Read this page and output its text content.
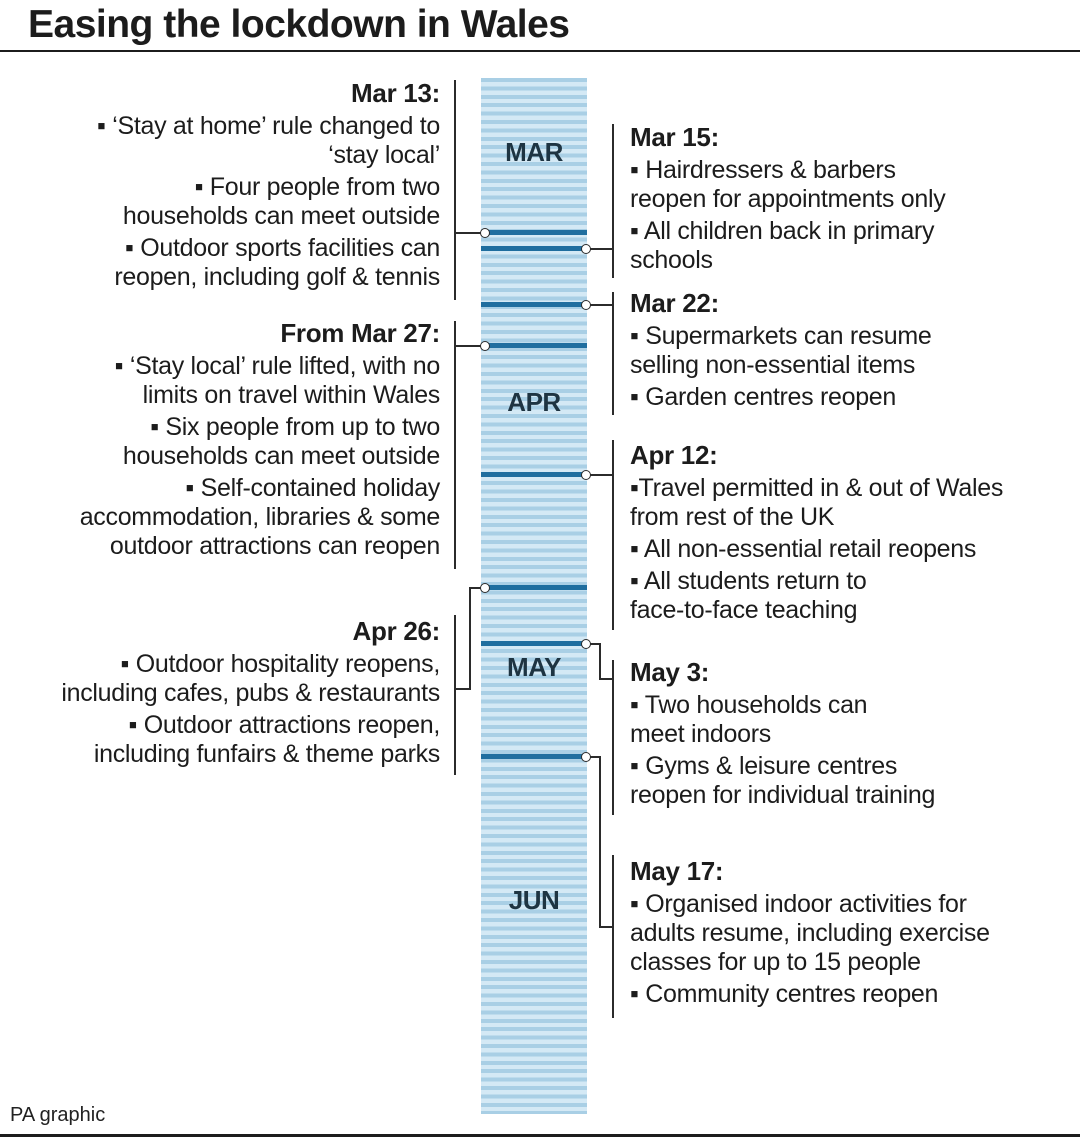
Easing the lockdown in Wales
MAR
APR
MAY
JUN
Mar 13:
▪ ‘Stay at home’ rule changed to
‘stay local’
▪ Four people from two
households can meet outside
▪ Outdoor sports facilities can
reopen, including golf & tennis
From Mar 27:
▪ ‘Stay local’ rule lifted, with no
limits on travel within Wales
▪ Six people from up to two
households can meet outside
▪ Self-contained holiday
accommodation, libraries & some
outdoor attractions can reopen
Apr 26:
▪ Outdoor hospitality reopens,
including cafes, pubs & restaurants
▪ Outdoor attractions reopen,
including funfairs & theme parks
Mar 15:
▪ Hairdressers & barbers
reopen for appointments only
▪ All children back in primary
schools
Mar 22:
▪ Supermarkets can resume
selling non-essential items
▪ Garden centres reopen
Apr 12:
▪Travel permitted in & out of Wales
from rest of the UK
▪ All non-essential retail reopens
▪ All students return to
face-to-face teaching
May 3:
▪ Two households can
meet indoors
▪ Gyms & leisure centres
reopen for individual training
May 17:
▪ Organised indoor activities for
adults resume, including exercise
classes for up to 15 people
▪ Community centres reopen
PA graphic
